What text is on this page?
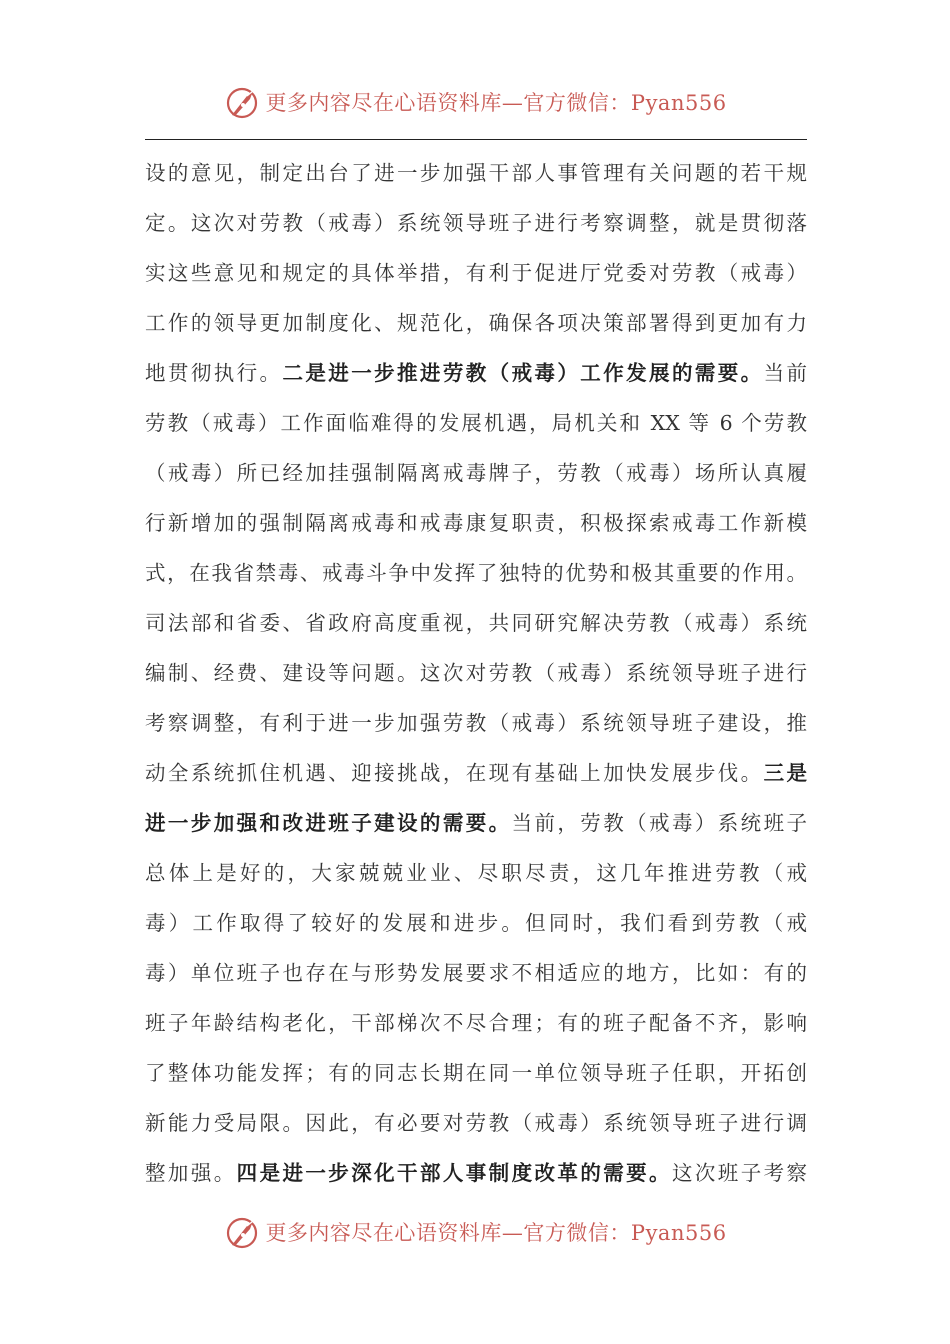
更多内容尽在心语资料库—官方微信：Pyan556
设的意见，制定出台了进一步加强干部人事管理有关问题的若干规
定。这次对劳教（戒毒）系统领导班子进行考察调整，就是贯彻落
实这些意见和规定的具体举措，有利于促进厅党委对劳教（戒毒）
工作的领导更加制度化、规范化，确保各项决策部署得到更加有力
地贯彻执行。二是进一步推进劳教（戒毒）工作发展的需要。当前
劳教（戒毒）工作面临难得的发展机遇，局机关和 XX 等 6 个劳教
（戒毒）所已经加挂强制隔离戒毒牌子，劳教（戒毒）场所认真履
行新增加的强制隔离戒毒和戒毒康复职责，积极探索戒毒工作新模
式，在我省禁毒、戒毒斗争中发挥了独特的优势和极其重要的作用。
司法部和省委、省政府高度重视，共同研究解决劳教（戒毒）系统
编制、经费、建设等问题。这次对劳教（戒毒）系统领导班子进行
考察调整，有利于进一步加强劳教（戒毒）系统领导班子建设，推
动全系统抓住机遇、迎接挑战，在现有基础上加快发展步伐。三是
进一步加强和改进班子建设的需要。当前，劳教（戒毒）系统班子
总体上是好的，大家兢兢业业、尽职尽责，这几年推进劳教（戒
毒）工作取得了较好的发展和进步。但同时，我们看到劳教（戒
毒）单位班子也存在与形势发展要求不相适应的地方，比如：有的
班子年龄结构老化，干部梯次不尽合理；有的班子配备不齐，影响
了整体功能发挥；有的同志长期在同一单位领导班子任职，开拓创
新能力受局限。因此，有必要对劳教（戒毒）系统领导班子进行调
整加强。四是进一步深化干部人事制度改革的需要。这次班子考察
更多内容尽在心语资料库—官方微信：Pyan556
